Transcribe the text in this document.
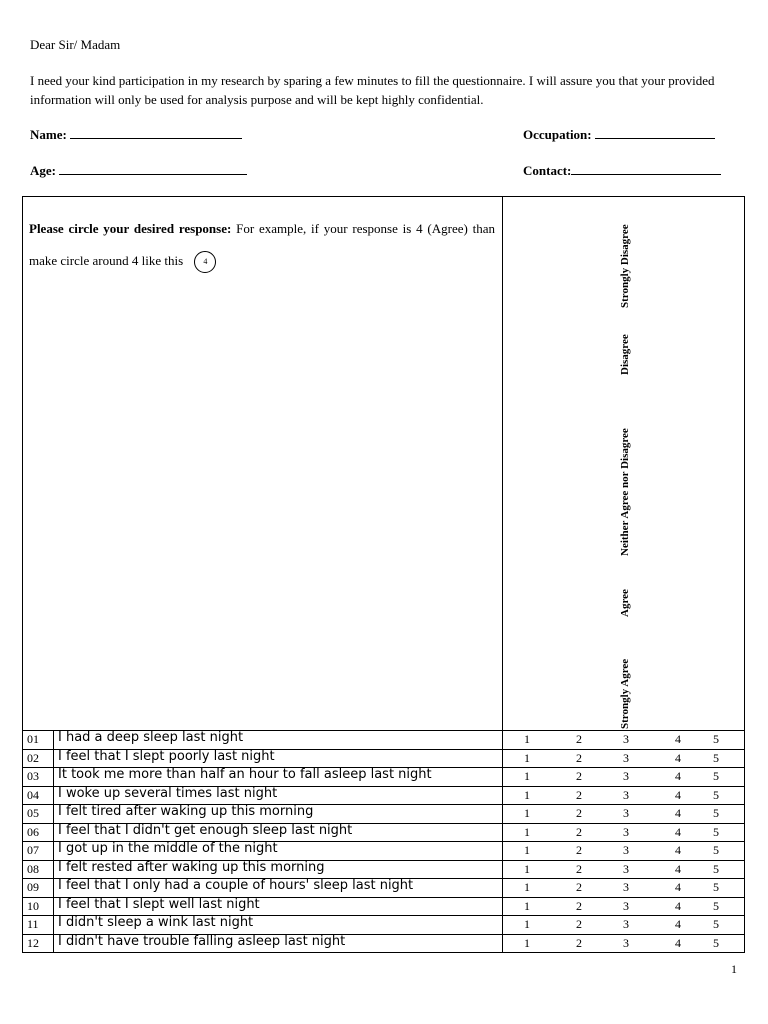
Dear Sir/ Madam
I need your kind participation in my research by sparing a few minutes to fill the questionnaire. I will assure you that your provided information will only be used for analysis purpose and will be kept highly confidential.
Name:	Occupation:
Age:	Contact:
Please circle your desired response: For example, if your response is 4 (Agree) than make circle around 4 like this	4	Strongly Disagree
Disagree
Neither Agree nor Disagree
Agree
Strongly Agree
01 I had a deep sleep last night	1	2	3	4	5
02 I feel that I slept poorly last night	1	2	3	4	5
03 It took me more than half an hour to fall asleep last night	1	2	3	4	5
04 I woke up several times last night	1	2	3	4	5
05 I felt tired after waking up this morning	1	2	3	4	5
06 I feel that I didn't get enough sleep last night	1	2	3	4	5
07 I got up in the middle of the night	1	2	3	4	5
08 I felt rested after waking up this morning	1	2	3	4	5
09 I feel that I only had a couple of hours' sleep last night	1	2	3	4	5
10 I feel that I slept well last night	1	2	3	4	5
11 I didn't sleep a wink last night	1	2	3	4	5
12 I didn't have trouble falling asleep last night	1	2	3	4	5
1
